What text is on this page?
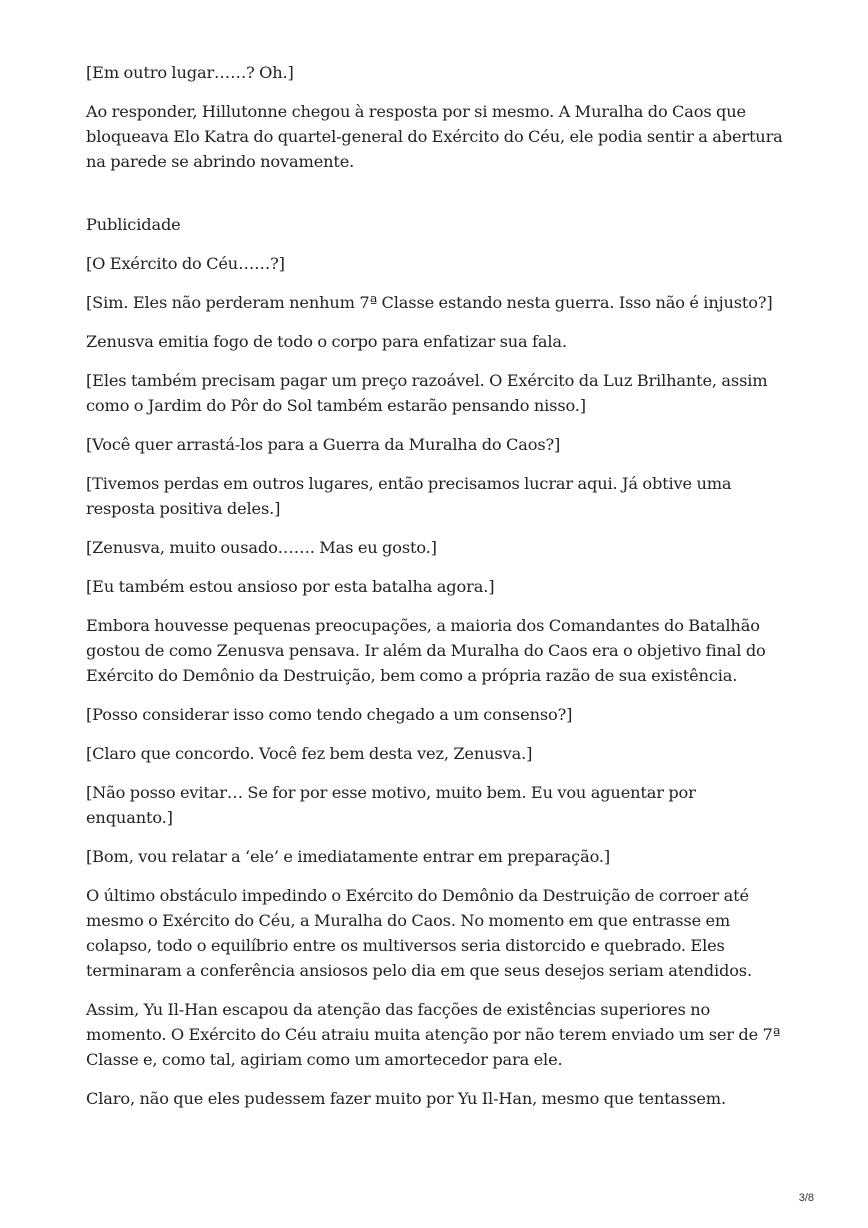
[Em outro lugar……? Oh.]

Ao responder, Hillutonne chegou à resposta por si mesmo. A Muralha do Caos que bloqueava Elo Katra do quartel-general do Exército do Céu, ele podia sentir a abertura na parede se abrindo novamente.

Publicidade

[O Exército do Céu……?]

[Sim. Eles não perderam nenhum 7ª Classe estando nesta guerra. Isso não é injusto?]

Zenusva emitia fogo de todo o corpo para enfatizar sua fala.

[Eles também precisam pagar um preço razoável. O Exército da Luz Brilhante, assim como o Jardim do Pôr do Sol também estarão pensando nisso.]

[Você quer arrastá-los para a Guerra da Muralha do Caos?]

[Tivemos perdas em outros lugares, então precisamos lucrar aqui. Já obtive uma resposta positiva deles.]

[Zenusva, muito ousado……. Mas eu gosto.]

[Eu também estou ansioso por esta batalha agora.]

Embora houvesse pequenas preocupações, a maioria dos Comandantes do Batalhão gostou de como Zenusva pensava. Ir além da Muralha do Caos era o objetivo final do Exército do Demônio da Destruição, bem como a própria razão de sua existência.

[Posso considerar isso como tendo chegado a um consenso?]

[Claro que concordo. Você fez bem desta vez, Zenusva.]

[Não posso evitar… Se for por esse motivo, muito bem. Eu vou aguentar por enquanto.]

[Bom, vou relatar a ‘ele’ e imediatamente entrar em preparação.]

O último obstáculo impedindo o Exército do Demônio da Destruição de corroer até mesmo o Exército do Céu, a Muralha do Caos. No momento em que entrasse em colapso, todo o equilíbrio entre os multiversos seria distorcido e quebrado. Eles terminaram a conferência ansiosos pelo dia em que seus desejos seriam atendidos.

Assim, Yu Il-Han escapou da atenção das facções de existências superiores no momento. O Exército do Céu atraiu muita atenção por não terem enviado um ser de 7ª Classe e, como tal, agiriam como um amortecedor para ele.

Claro, não que eles pudessem fazer muito por Yu Il-Han, mesmo que tentassem.

3/8
